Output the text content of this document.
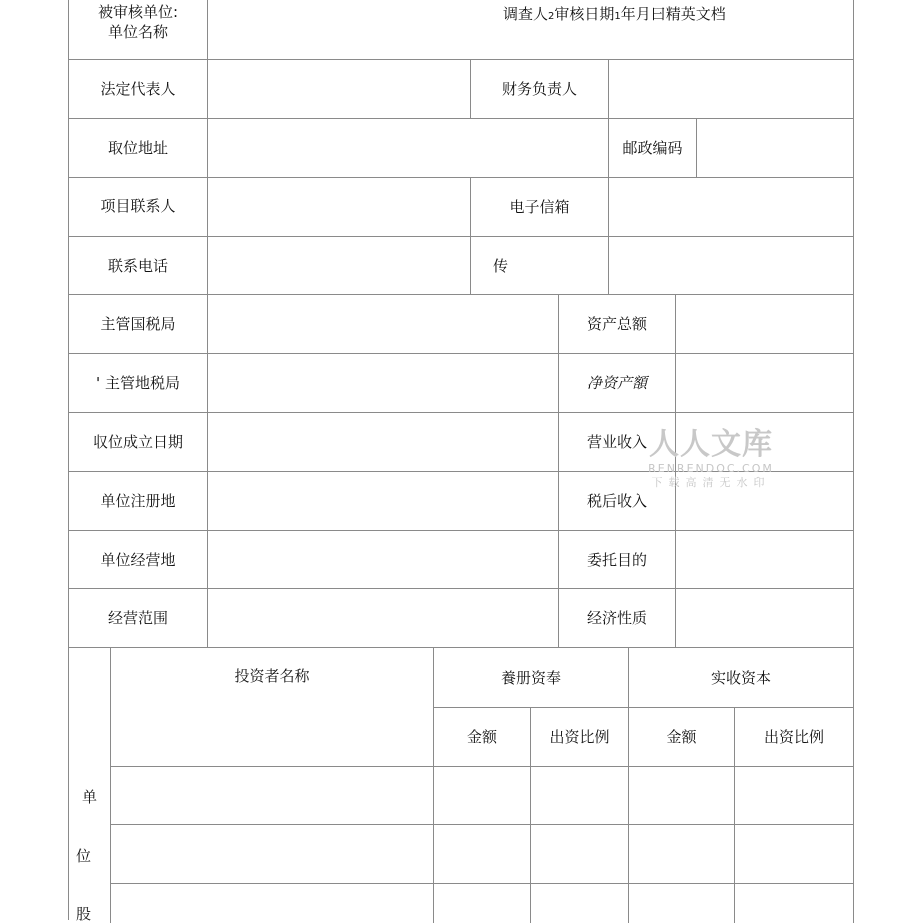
被审核单位:
单位名称
调查人2审核日期1年月曰精英文档
法定代表人	财务负责人
取位地址	邮政编码
项目联系人	电子信箱
联系电话	传
主管国税局	资产总额
' 主管地税局	净资产額
収位成立日期	营业收入
单位注册地	税后收入
单位经营地	委托目的
经营范围	经济性质
单
位
股
投资者名称	養册资奉	实收资本
金额	出资比例	金额	出资比例
人人文库
RENRENDOC.COM
下载高清无水印
